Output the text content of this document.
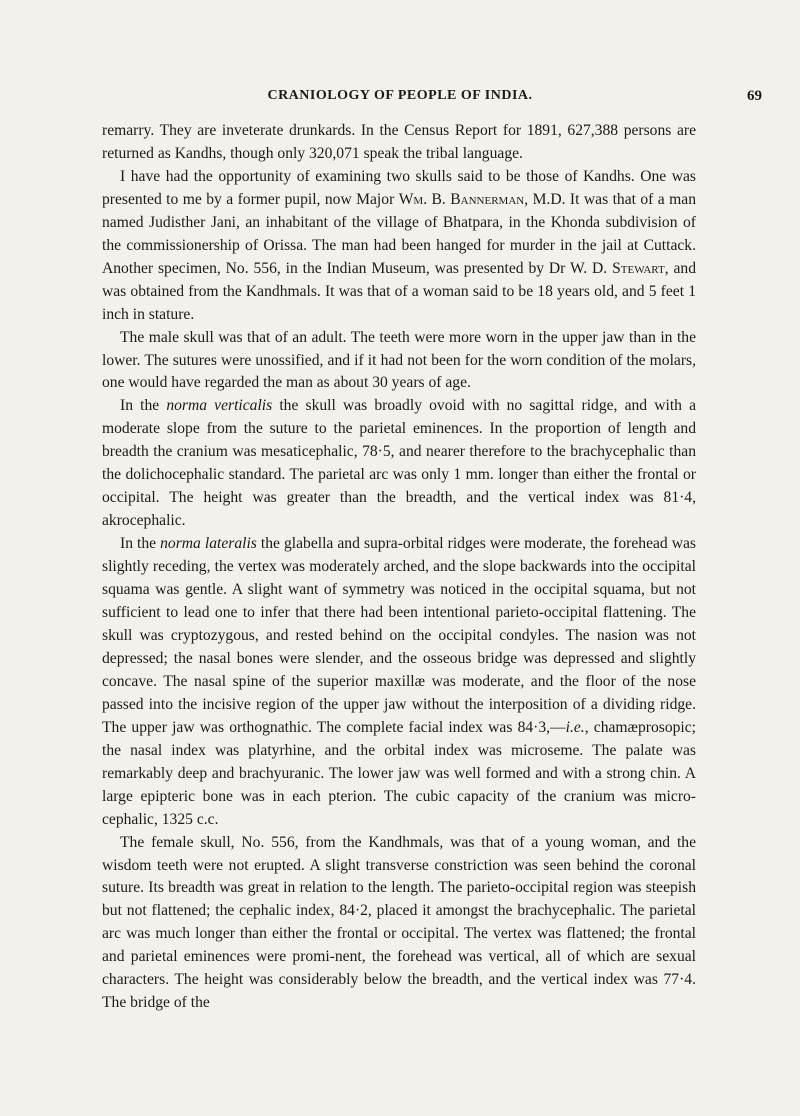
CRANIOLOGY OF PEOPLE OF INDIA.	69

remarry. They are inveterate drunkards. In the Census Report for 1891, 627,388 persons are returned as Kandhs, though only 320,071 speak the tribal language.

I have had the opportunity of examining two skulls said to be those of Kandhs. One was presented to me by a former pupil, now Major Wm. B. Bannerman, M.D. It was that of a man named Judisther Jani, an inhabitant of the village of Bhatpara, in the Khonda subdivision of the commissionership of Orissa. The man had been hanged for murder in the jail at Cuttack. Another specimen, No. 556, in the Indian Museum, was presented by Dr W. D. Stewart, and was obtained from the Kandhmals. It was that of a woman said to be 18 years old, and 5 feet 1 inch in stature.

The male skull was that of an adult. The teeth were more worn in the upper jaw than in the lower. The sutures were unossified, and if it had not been for the worn condition of the molars, one would have regarded the man as about 30 years of age.

In the norma verticalis the skull was broadly ovoid with no sagittal ridge, and with a moderate slope from the suture to the parietal eminences. In the proportion of length and breadth the cranium was mesaticephalic, 78·5, and nearer therefore to the brachycephalic than the dolichocephalic standard. The parietal arc was only 1 mm. longer than either the frontal or occipital. The height was greater than the breadth, and the vertical index was 81·4, akrocephalic.

In the norma lateralis the glabella and supra-orbital ridges were moderate, the forehead was slightly receding, the vertex was moderately arched, and the slope backwards into the occipital squama was gentle. A slight want of symmetry was noticed in the occipital squama, but not sufficient to lead one to infer that there had been intentional parieto-occipital flattening. The skull was cryptozygous, and rested behind on the occipital condyles. The nasion was not depressed; the nasal bones were slender, and the osseous bridge was depressed and slightly concave. The nasal spine of the superior maxillæ was moderate, and the floor of the nose passed into the incisive region of the upper jaw without the interposition of a dividing ridge. The upper jaw was orthognathic. The complete facial index was 84·3,—i.e., chamæprosopic; the nasal index was platyrhine, and the orbital index was microseme. The palate was remarkably deep and brachyuranic. The lower jaw was well formed and with a strong chin. A large epipteric bone was in each pterion. The cubic capacity of the cranium was micro-cephalic, 1325 c.c.

The female skull, No. 556, from the Kandhmals, was that of a young woman, and the wisdom teeth were not erupted. A slight transverse constriction was seen behind the coronal suture. Its breadth was great in relation to the length. The parieto-occipital region was steepish but not flattened; the cephalic index, 84·2, placed it amongst the brachycephalic. The parietal arc was much longer than either the frontal or occipital. The vertex was flattened; the frontal and parietal eminences were promi-nent, the forehead was vertical, all of which are sexual characters. The height was considerably below the breadth, and the vertical index was 77·4. The bridge of the
